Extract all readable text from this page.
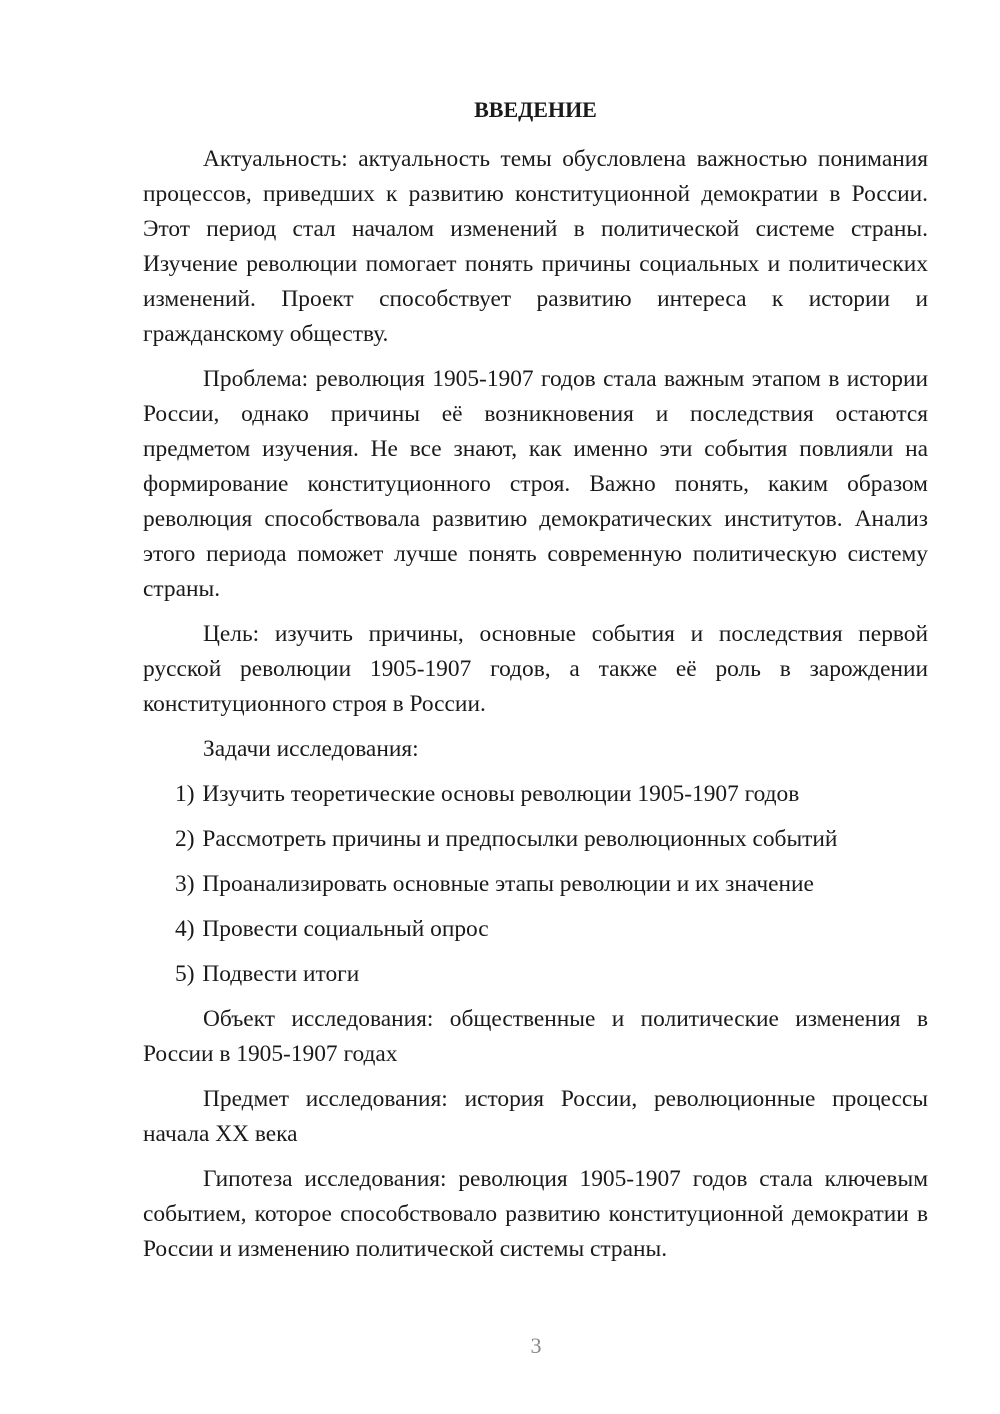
ВВЕДЕНИЕ

Актуальность: актуальность темы обусловлена важностью понимания процессов, приведших к развитию конституционной демократии в России. Этот период стал началом изменений в политической системе страны. Изучение революции помогает понять причины социальных и политических изменений. Проект способствует развитию интереса к истории и гражданскому обществу.

Проблема: революция 1905-1907 годов стала важным этапом в истории России, однако причины её возникновения и последствия остаются предметом изучения. Не все знают, как именно эти события повлияли на формирование конституционного строя. Важно понять, каким образом революция способствовала развитию демократических институтов. Анализ этого периода поможет лучше понять современную политическую систему страны.

Цель: изучить причины, основные события и последствия первой русской революции 1905-1907 годов, а также её роль в зарождении конституционного строя в России.

Задачи исследования:
1) Изучить теоретические основы революции 1905-1907 годов
2) Рассмотреть причины и предпосылки революционных событий
3) Проанализировать основные этапы революции и их значение
4) Провести социальный опрос
5) Подвести итоги

Объект исследования: общественные и политические изменения в России в 1905-1907 годах

Предмет исследования: история России, революционные процессы начала XX века

Гипотеза исследования: революция 1905-1907 годов стала ключевым событием, которое способствовало развитию конституционной демократии в России и изменению политической системы страны.

3
